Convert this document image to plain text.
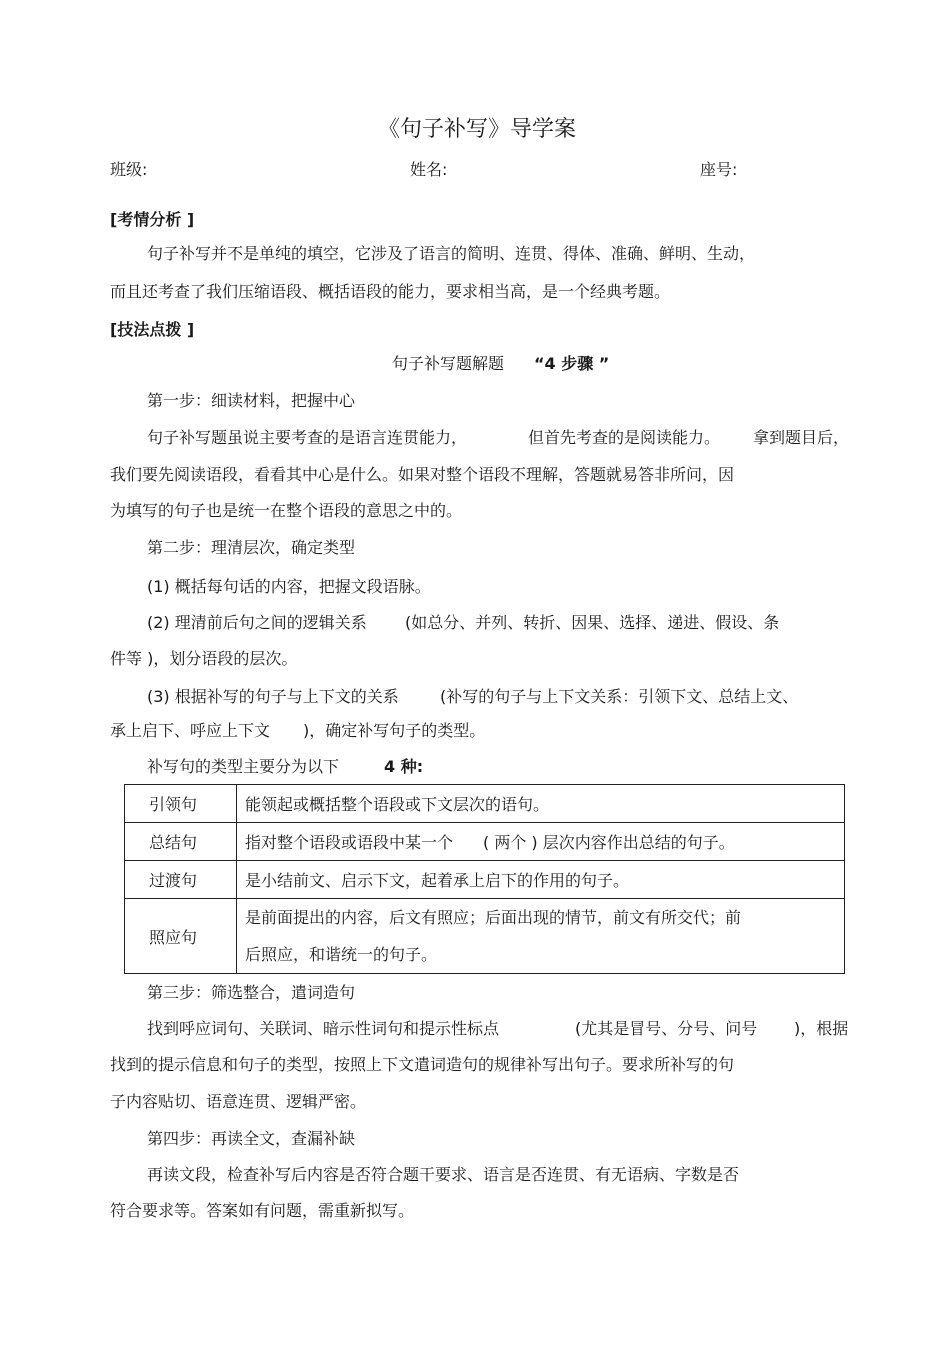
《句子补写》导学案
班级:	姓名:	座号:
[考情分析 ]
句子补写并不是单纯的填空，它涉及了语言的简明、连贯、得体、准确、鲜明、生动，
而且还考查了我们压缩语段、概括语段的能力，要求相当高，是一个经典考题。
[技法点拨 ]
句子补写题解题 “4 步骤 ”
第一步：细读材料，把握中心
句子补写题虽说主要考查的是语言连贯能力，	但首先考查的是阅读能力。 拿到题目后，
我们要先阅读语段，看看其中心是什么。如果对整个语段不理解，答题就易答非所问，因
为填写的句子也是统一在整个语段的意思之中的。
第二步：理清层次，确定类型
(1) 概括每句话的内容，把握文段语脉。
(2) 理清前后句之间的逻辑关系 (如总分、并列、转折、因果、选择、递进、假设、条
件等 )，划分语段的层次。
(3) 根据补写的句子与上下文的关系	(补写的句子与上下文关系：引领下文、总结上文、
承上启下、呼应上下文 )，确定补写句子的类型。
补写句的类型主要分为以下	4 种:
引领句	能领起或概括整个语段或下文层次的语句。
总结句	指对整个语段或语段中某一个 ( 两个 ) 层次内容作出总结的句子。
过渡句	是小结前文、启示下文，起着承上启下的作用的句子。
照应句	是前面提出的内容，后文有照应；后面出现的情节，前文有所交代；前
后照应，和谐统一的句子。
第三步：筛选整合，遣词造句
找到呼应词句、关联词、暗示性词句和提示性标点	(尤其是冒号、分号、问号 )，根据
找到的提示信息和句子的类型，按照上下文遣词造句的规律补写出句子。要求所补写的句
子内容贴切、语意连贯、逻辑严密。
第四步：再读全文，查漏补缺
再读文段，检查补写后内容是否符合题干要求、语言是否连贯、有无语病、字数是否
符合要求等。答案如有问题，需重新拟写。
